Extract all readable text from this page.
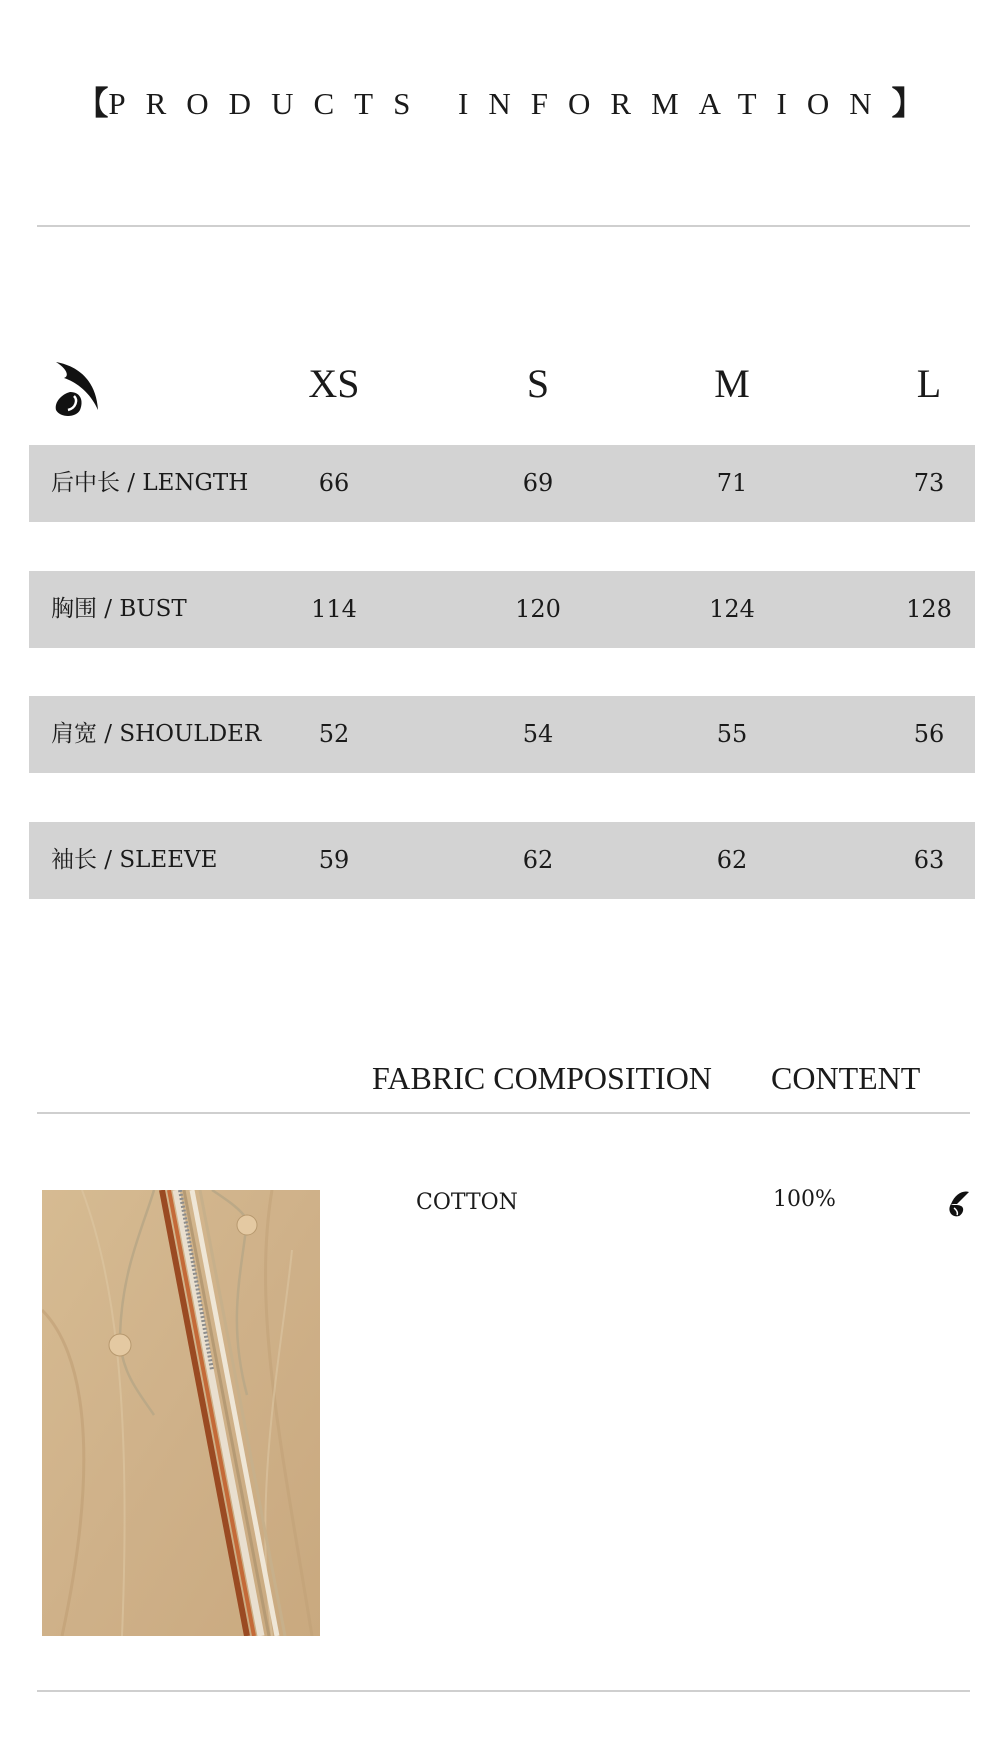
【PRODUCTS INFORMATION】
XS	S	M	L
后中长 / LENGTH	66	69	71	73
胸围 / BUST	114	120	124	128
肩宽 / SHOULDER	52	54	55	56
袖长 / SLEEVE	59	62	62	63
FABRIC COMPOSITION CONTENT
COTTON	100%
